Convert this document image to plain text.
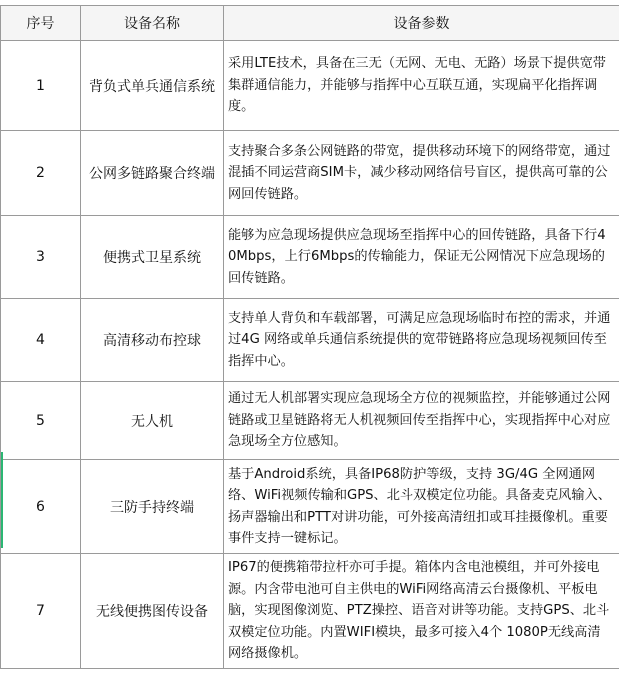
序号	设备名称	设备参数
1	背负式单兵通信系统	采用LTE技术，具备在三无（无网、无电、无路）场景下提供宽带集群通信能力，并能够与指挥中心互联互通，实现扁平化指挥调度。
2	公网多链路聚合终端	支持聚合多条公网链路的带宽，提供移动环境下的网络带宽，通过混插不同运营商SIM卡，减少移动网络信号盲区，提供高可靠的公网回传链路。
3	便携式卫星系统	能够为应急现场提供应急现场至指挥中心的回传链路，具备下行40Mbps，上行6Mbps的传输能力，保证无公网情况下应急现场的回传链路。
4	高清移动布控球	支持单人背负和车载部署，可满足应急现场临时布控的需求，并通过4G 网络或单兵通信系统提供的宽带链路将应急现场视频回传至指挥中心。
5	无人机	通过无人机部署实现应急现场全方位的视频监控，并能够通过公网链路或卫星链路将无人机视频回传至指挥中心，实现指挥中心对应急现场全方位感知。
6	三防手持终端	基于Android系统，具备IP68防护等级，支持 3G/4G 全网通网络、WiFi视频传输和GPS、北斗双模定位功能。具备麦克风输入、扬声器输出和PTT对讲功能，可外接高清纽扣或耳挂摄像机。重要事件支持一键标记。
7	无线便携图传设备	IP67的便携箱带拉杆亦可手提。箱体内含电池模组，并可外接电源。内含带电池可自主供电的WiFi网络高清云台摄像机、平板电脑，实现图像浏览、PTZ操控、语音对讲等功能。支持GPS、北斗双模定位功能。内置WIFI模块，最多可接入4个 1080P无线高清网络摄像机。
